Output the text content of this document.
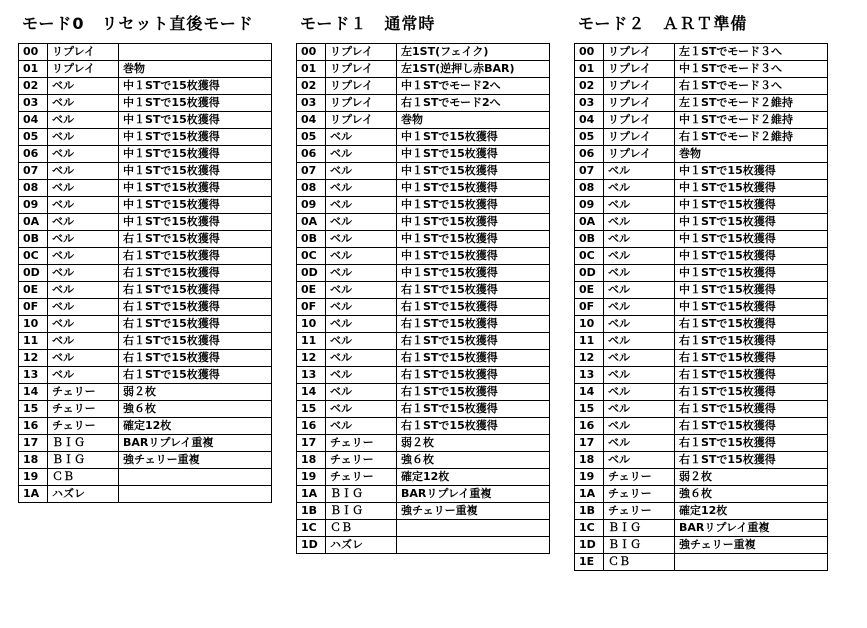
モード0　リセット直後モード
00	リプレイ	
01	リプレイ	巻物
02	ベル	中１STで15枚獲得
03	ベル	中１STで15枚獲得
04	ベル	中１STで15枚獲得
05	ベル	中１STで15枚獲得
06	ベル	中１STで15枚獲得
07	ベル	中１STで15枚獲得
08	ベル	中１STで15枚獲得
09	ベル	中１STで15枚獲得
0A	ベル	中１STで15枚獲得
0B	ベル	右１STで15枚獲得
0C	ベル	右１STで15枚獲得
0D	ベル	右１STで15枚獲得
0E	ベル	右１STで15枚獲得
0F	ベル	右１STで15枚獲得
10	ベル	右１STで15枚獲得
11	ベル	右１STで15枚獲得
12	ベル	右１STで15枚獲得
13	ベル	右１STで15枚獲得
14	チェリー	弱２枚
15	チェリー	強６枚
16	チェリー	確定12枚
17	ＢＩＧ	BARリプレイ重複
18	ＢＩＧ	強チェリー重複
19	ＣＢ	
1A	ハズレ	
モード１　通常時
00	リプレイ	左1ST(フェイク)
01	リプレイ	左1ST(逆押し赤BAR)
02	リプレイ	中１STでモード2へ
03	リプレイ	右１STでモード2へ
04	リプレイ	巻物
05	ベル	中１STで15枚獲得
06	ベル	中１STで15枚獲得
07	ベル	中１STで15枚獲得
08	ベル	中１STで15枚獲得
09	ベル	中１STで15枚獲得
0A	ベル	中１STで15枚獲得
0B	ベル	中１STで15枚獲得
0C	ベル	中１STで15枚獲得
0D	ベル	中１STで15枚獲得
0E	ベル	右１STで15枚獲得
0F	ベル	右１STで15枚獲得
10	ベル	右１STで15枚獲得
11	ベル	右１STで15枚獲得
12	ベル	右１STで15枚獲得
13	ベル	右１STで15枚獲得
14	ベル	右１STで15枚獲得
15	ベル	右１STで15枚獲得
16	ベル	右１STで15枚獲得
17	チェリー	弱２枚
18	チェリー	強６枚
19	チェリー	確定12枚
1A	ＢＩＧ	BARリプレイ重複
1B	ＢＩＧ	強チェリー重複
1C	ＣＢ	
1D	ハズレ	
モード２　ＡＲＴ準備
00	リプレイ	左１STでモード３へ
01	リプレイ	中１STでモード３へ
02	リプレイ	右１STでモード３へ
03	リプレイ	左１STでモード２維持
04	リプレイ	中１STでモード２維持
05	リプレイ	右１STでモード２維持
06	リプレイ	巻物
07	ベル	中１STで15枚獲得
08	ベル	中１STで15枚獲得
09	ベル	中１STで15枚獲得
0A	ベル	中１STで15枚獲得
0B	ベル	中１STで15枚獲得
0C	ベル	中１STで15枚獲得
0D	ベル	中１STで15枚獲得
0E	ベル	中１STで15枚獲得
0F	ベル	中１STで15枚獲得
10	ベル	右１STで15枚獲得
11	ベル	右１STで15枚獲得
12	ベル	右１STで15枚獲得
13	ベル	右１STで15枚獲得
14	ベル	右１STで15枚獲得
15	ベル	右１STで15枚獲得
16	ベル	右１STで15枚獲得
17	ベル	右１STで15枚獲得
18	ベル	右１STで15枚獲得
19	チェリー	弱２枚
1A	チェリー	強６枚
1B	チェリー	確定12枚
1C	ＢＩＧ	BARリプレイ重複
1D	ＢＩＧ	強チェリー重複
1E	ＣＢ	
